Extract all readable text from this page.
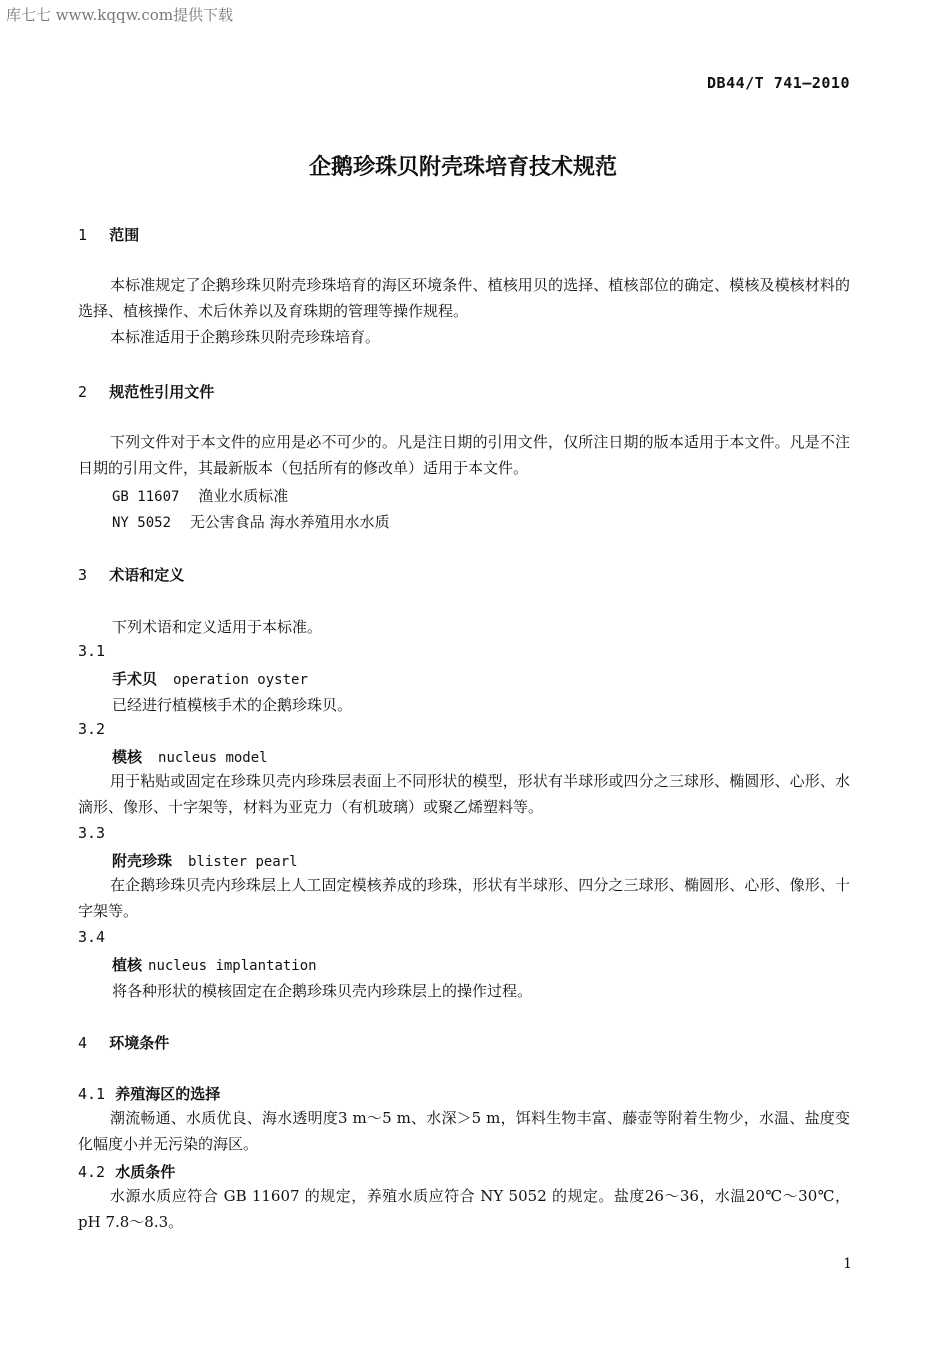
库七七 www.kqqw.com提供下载
DB44/T 741—2010
企鹅珍珠贝附壳珠培育技术规范
1 范围
本标准规定了企鹅珍珠贝附壳珍珠培育的海区环境条件、植核用贝的选择、植核部位的确定、模核及模核材料的选择、植核操作、术后休养以及育珠期的管理等操作规程。
本标准适用于企鹅珍珠贝附壳珍珠培育。
2 规范性引用文件
下列文件对于本文件的应用是必不可少的。凡是注日期的引用文件，仅所注日期的版本适用于本文件。凡是不注日期的引用文件，其最新版本（包括所有的修改单）适用于本文件。
GB 11607 渔业水质标准
NY 5052 无公害食品 海水养殖用水水质
3 术语和定义
下列术语和定义适用于本标准。
3.1
手术贝 operation oyster
已经进行植模核手术的企鹅珍珠贝。
3.2
模核 nucleus model
用于粘贴或固定在珍珠贝壳内珍珠层表面上不同形状的模型，形状有半球形或四分之三球形、椭圆形、心形、水滴形、像形、十字架等，材料为亚克力（有机玻璃）或聚乙烯塑料等。
3.3
附壳珍珠 blister pearl
在企鹅珍珠贝壳内珍珠层上人工固定模核养成的珍珠，形状有半球形、四分之三球形、椭圆形、心形、像形、十字架等。
3.4
植核 nucleus implantation
将各种形状的模核固定在企鹅珍珠贝壳内珍珠层上的操作过程。
4 环境条件
4.1 养殖海区的选择
潮流畅通、水质优良、海水透明度3 m～5 m、水深＞5 m，饵料生物丰富、藤壶等附着生物少，水温、盐度变化幅度小并无污染的海区。
4.2 水质条件
水源水质应符合 GB 11607 的规定，养殖水质应符合 NY 5052 的规定。盐度26～36，水温20℃～30℃，pH 7.8～8.3。
1
